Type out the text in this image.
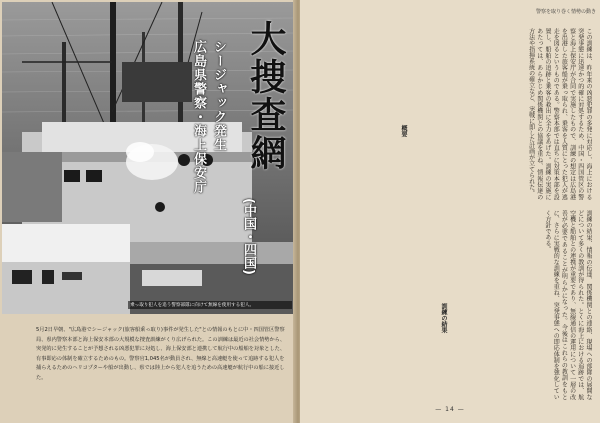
大捜査網
シージャック発生
広島県警察・海上保安庁
(中国・四国)
乗っ取り犯人を追う警察部隊に向けて無線を使用する犯人。
5月2日早朝、"広島港でシージャック(旅客船乗っ取り)事件が発生した"との情報のもとに中・四国管区警察局、県内警察本部と海上保安本部の大規模な捜査訓練がくり広げられた。この訓練は最近の社会情勢から、突発的に発生することが予想される凶悪犯罪に対処し、海上保安部と連携して航行中の船舶を対象とした、有事即応の体制を確立するためのもの。警察官1,045名が動員され、無線と高速艇を使って追跡する犯人を捕らえるためのヘリコプターや船が出動し、県では陸上から犯人を追うための高速艇が航行中の船に接近した。
警察を取り巻く情勢の動き
この訓練は、昨年来の凶悪犯罪の多発に対応し、海上における突発事態に迅速かつ的確に対処するため、中国・四国管区の警察と海上保安庁が合同で実施したもので、訓練の想定は広島港を出港した旅客船が乗っ取られ、乗客を人質にとった犯人が逃走を図るというものである。警察本部では直ちに対策本部を設置し、船舶の追跡と乗客の救出に全力をあげた。訓練の実施にあたっては、あらかじめ関係機関との協議を重ね、情報伝達の方法や指揮系統の確立など、実戦に即した計画が立てられた。
概要
訓練の結果、情報の伝達、関係機関との連絡、現場への部隊の展開などについて多くの教訓が得られた。とくに海上における追跡では、航空機と船舶との連携が重要であり、無線通信の運用について一層の改善が必要であることが明らかになった。今後はこれらの教訓をもとに、さらに実戦的な訓練を重ね、突発事態への即応体制を強化していく方針である。
訓練の結果
— 14 —
